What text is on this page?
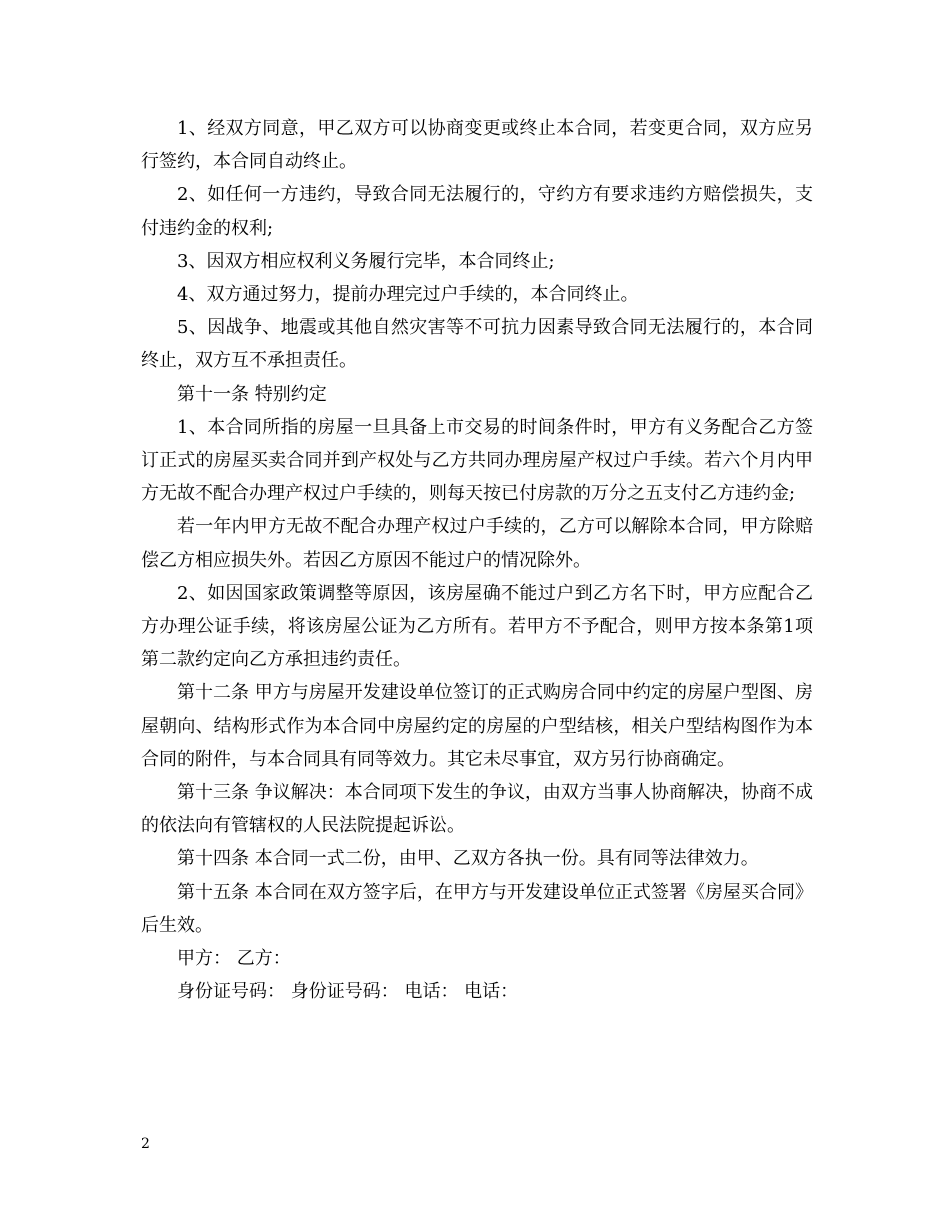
1、经双方同意，甲乙双方可以协商变更或终止本合同，若变更合同，双方应另行签约，本合同自动终止。

2、如任何一方违约，导致合同无法履行的，守约方有要求违约方赔偿损失，支付违约金的权利;

3、因双方相应权利义务履行完毕，本合同终止;

4、双方通过努力，提前办理完过户手续的，本合同终止。

5、因战争、地震或其他自然灾害等不可抗力因素导致合同无法履行的，本合同终止，双方互不承担责任。

第十一条 特别约定

1、本合同所指的房屋一旦具备上市交易的时间条件时，甲方有义务配合乙方签订正式的房屋买卖合同并到产权处与乙方共同办理房屋产权过户手续。若六个月内甲方无故不配合办理产权过户手续的，则每天按已付房款的万分之五支付乙方违约金;

若一年内甲方无故不配合办理产权过户手续的，乙方可以解除本合同，甲方除赔偿乙方相应损失外。若因乙方原因不能过户的情况除外。

2、如因国家政策调整等原因，该房屋确不能过户到乙方名下时，甲方应配合乙方办理公证手续，将该房屋公证为乙方所有。若甲方不予配合，则甲方按本条第1项第二款约定向乙方承担违约责任。

第十二条 甲方与房屋开发建设单位签订的正式购房合同中约定的房屋户型图、房屋朝向、结构形式作为本合同中房屋约定的房屋的户型结核，相关户型结构图作为本合同的附件，与本合同具有同等效力。其它未尽事宜，双方另行协商确定。

第十三条 争议解决：本合同项下发生的争议，由双方当事人协商解决，协商不成的依法向有管辖权的人民法院提起诉讼。

第十四条 本合同一式二份，由甲、乙双方各执一份。具有同等法律效力。

第十五条 本合同在双方签字后，在甲方与开发建设单位正式签署《房屋买合同》后生效。

甲方： 乙方：

身份证号码： 身份证号码： 电话： 电话：

2
